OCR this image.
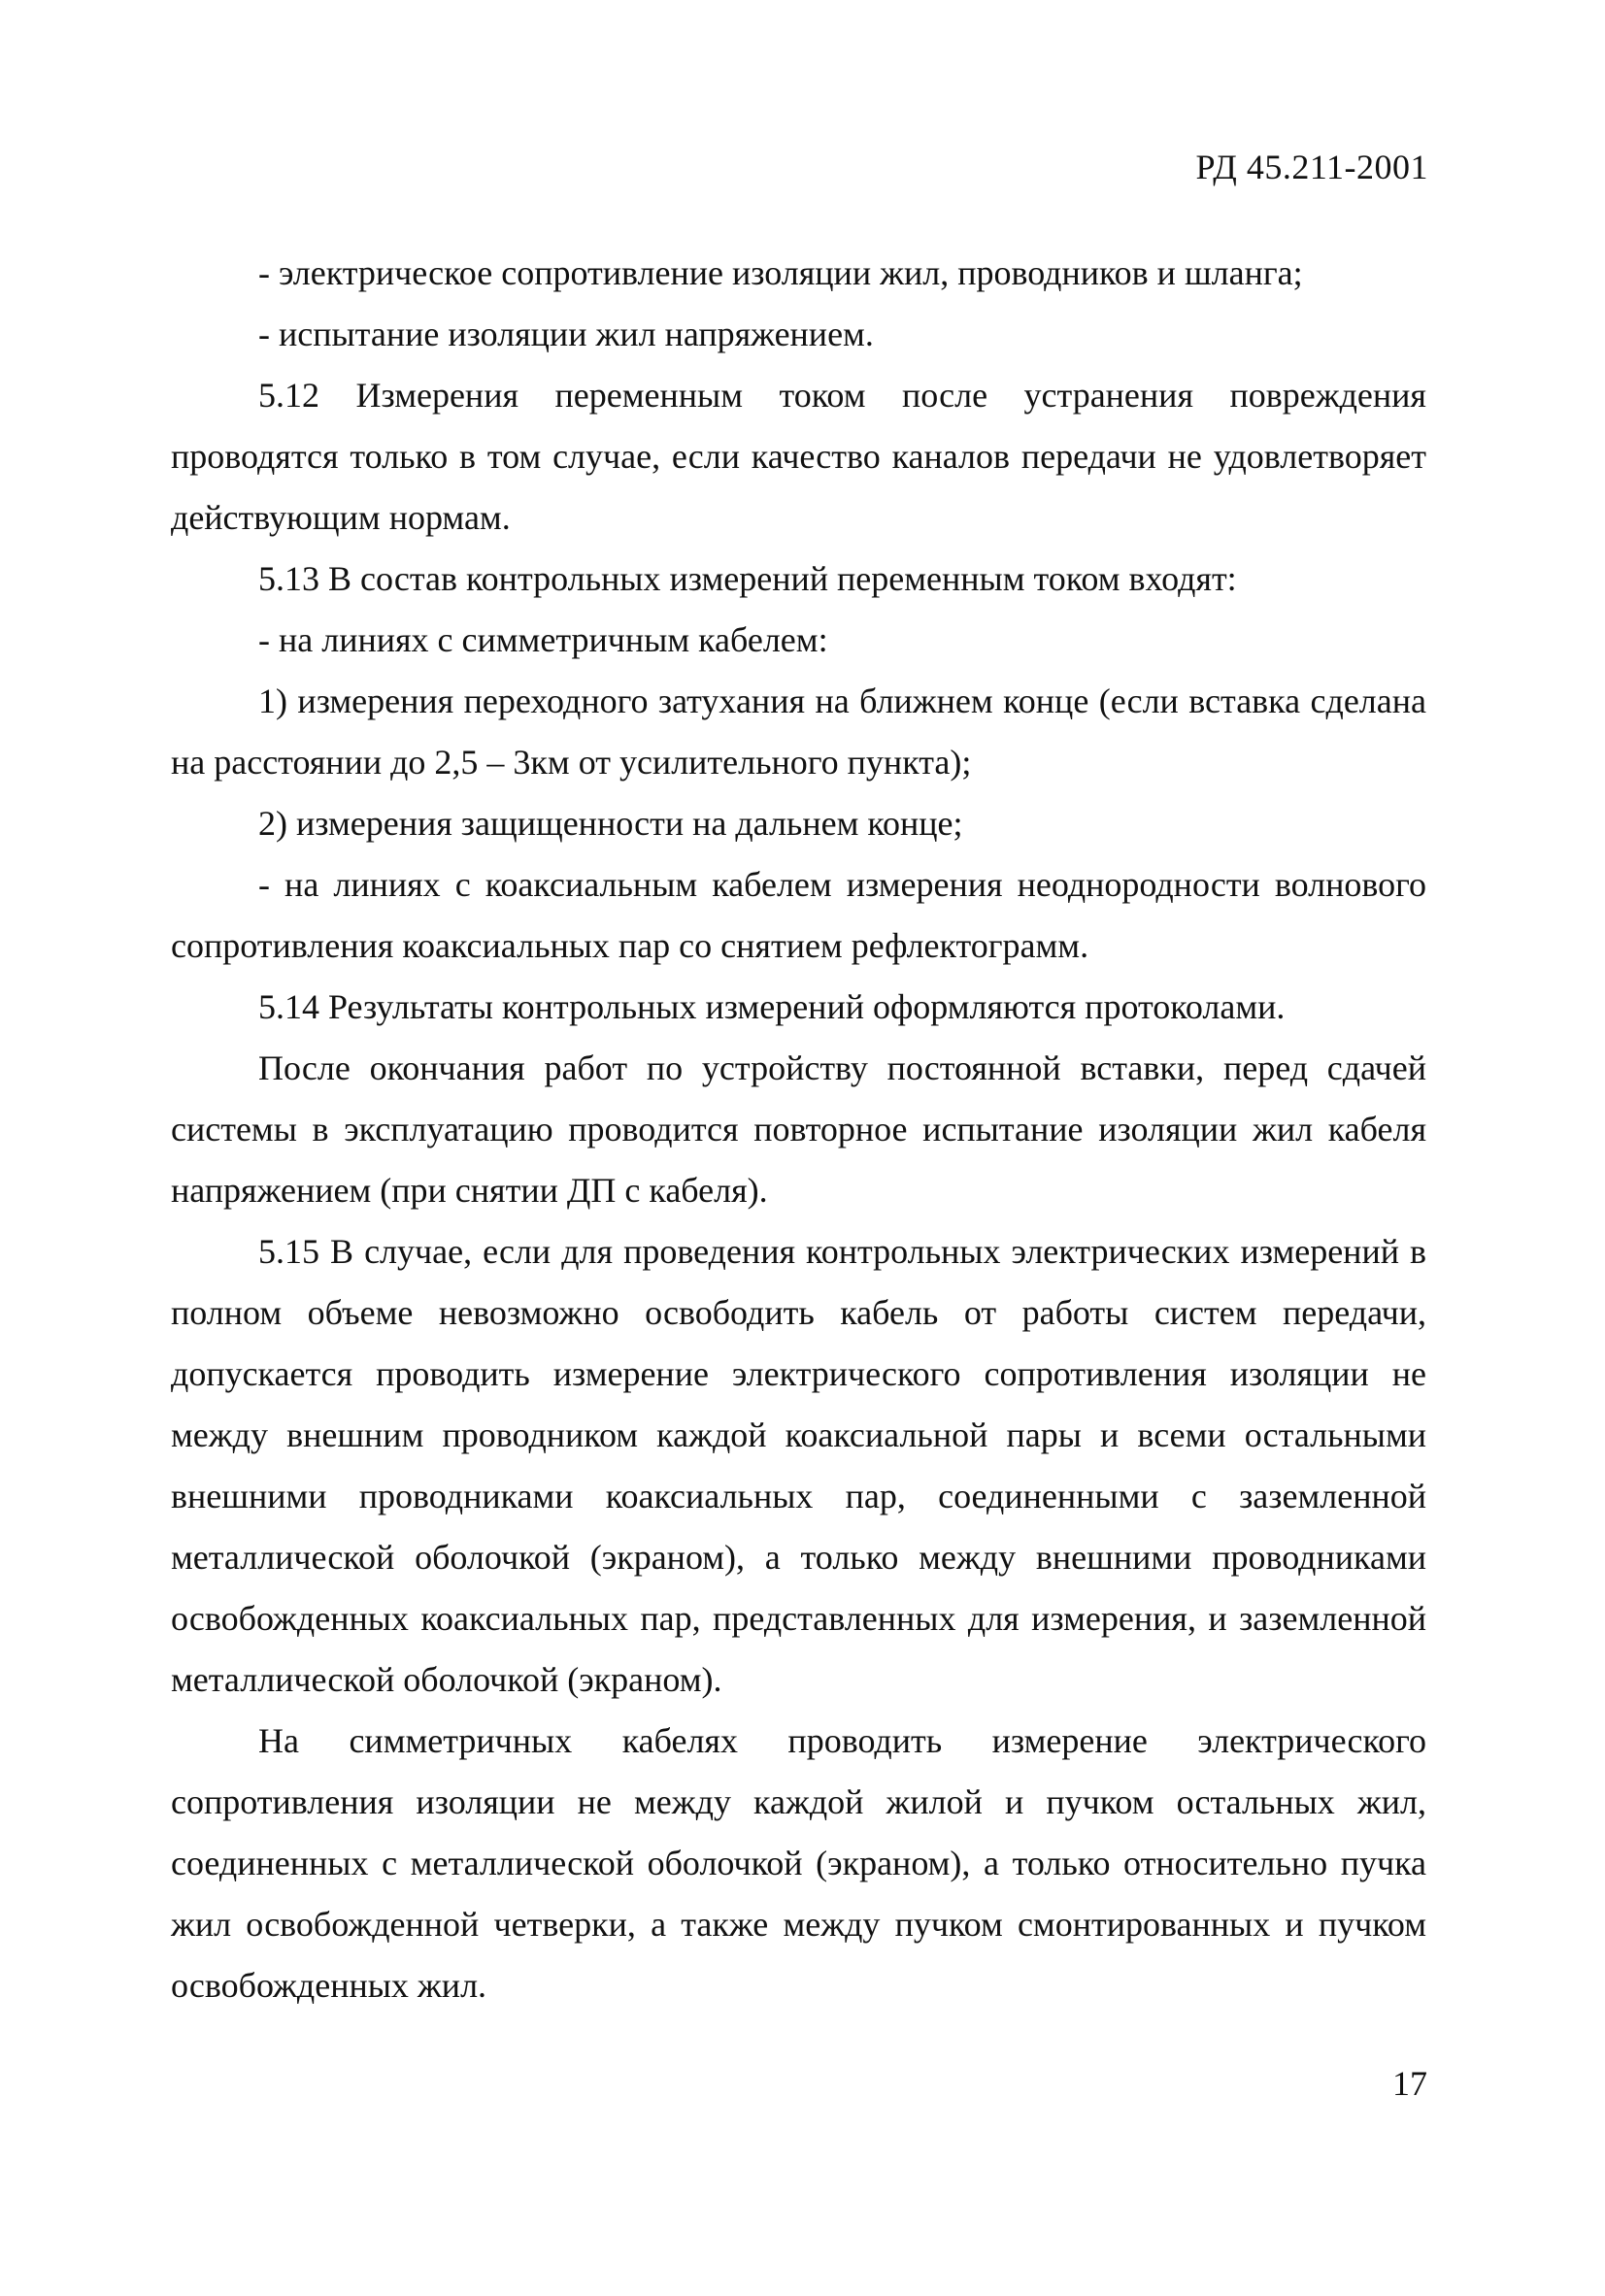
РД 45.211-2001

- электрическое сопротивление изоляции жил, проводников и шланга;

- испытание изоляции жил напряжением.

5.12 Измерения переменным током после устранения повреждения проводятся только в том случае, если качество каналов передачи не удовлетворяет действующим нормам.

5.13 В состав контрольных измерений переменным током входят:

- на линиях с симметричным кабелем:

1) измерения переходного затухания на ближнем конце (если вставка сделана на расстоянии до 2,5 – 3км от усилительного пункта);

2) измерения защищенности на дальнем конце;

- на линиях с коаксиальным кабелем измерения неоднородности волнового сопротивления коаксиальных пар со снятием рефлектограмм.

5.14 Результаты контрольных измерений оформляются протоколами.

После окончания работ по устройству постоянной вставки, перед сдачей системы в эксплуатацию проводится повторное испытание изоляции жил кабеля напряжением (при снятии ДП с кабеля).

5.15 В случае, если для проведения контрольных электрических измерений в полном объеме невозможно освободить кабель от работы систем передачи, допускается проводить измерение электрического сопротивления изоляции не между внешним проводником каждой коаксиальной пары и всеми остальными внешними проводниками коаксиальных пар, соединенными с заземленной металлической оболочкой (экраном), а только между внешними проводниками освобожденных коаксиальных пар, представленных для измерения, и заземленной металлической оболочкой (экраном).

На симметричных кабелях проводить измерение электрического сопротивления изоляции не между каждой жилой и пучком остальных жил, соединенных с металлической оболочкой (экраном), а только относительно пучка жил освобожденной четверки, а также между пучком смонтированных и пучком освобожденных жил.

17
